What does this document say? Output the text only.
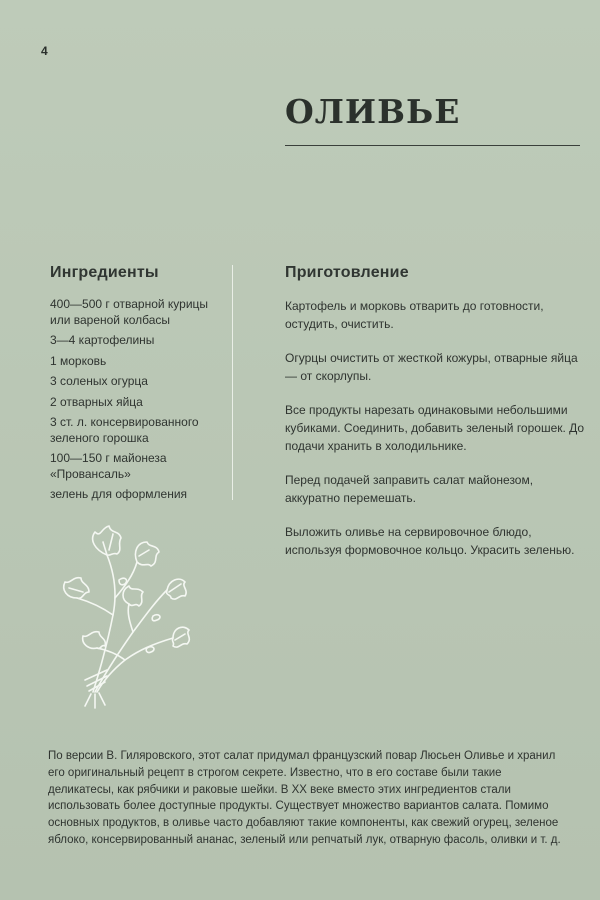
4
ОЛИВЬЕ
Ингредиенты
400—500 г отварной курицы или вареной колбасы
3—4 картофелины
1 морковь
3 соленых огурца
2 отварных яйца
3 ст. л. консервированного зеленого горошка
100—150 г майонеза «Провансаль»
зелень для оформления
Приготовление
Картофель и морковь отварить до готовности, остудить, очистить.
Огурцы очистить от жесткой кожуры, отварные яйца — от скорлупы.
Все продукты нарезать одинаковыми небольшими кубиками. Соединить, добавить зеленый горошек. До подачи хранить в холодильнике.
Перед подачей заправить салат майонезом, аккуратно перемешать.
Выложить оливье на сервировочное блюдо, используя формовочное кольцо. Украсить зеленью.

По версии В. Гиляровского, этот салат придумал французский повар Люсьен Оливье и хранил его оригинальный рецепт в строгом секрете. Известно, что в его составе были такие деликатесы, как рябчики и раковые шейки. В XX веке вместо этих ингредиентов стали использовать более доступные продукты. Существует множество вариантов салата. Помимо основных продуктов, в оливье часто добавляют такие компоненты, как свежий огурец, зеленое яблоко, консервированный ананас, зеленый или репчатый лук, отварную фасоль, оливки и т. д.
